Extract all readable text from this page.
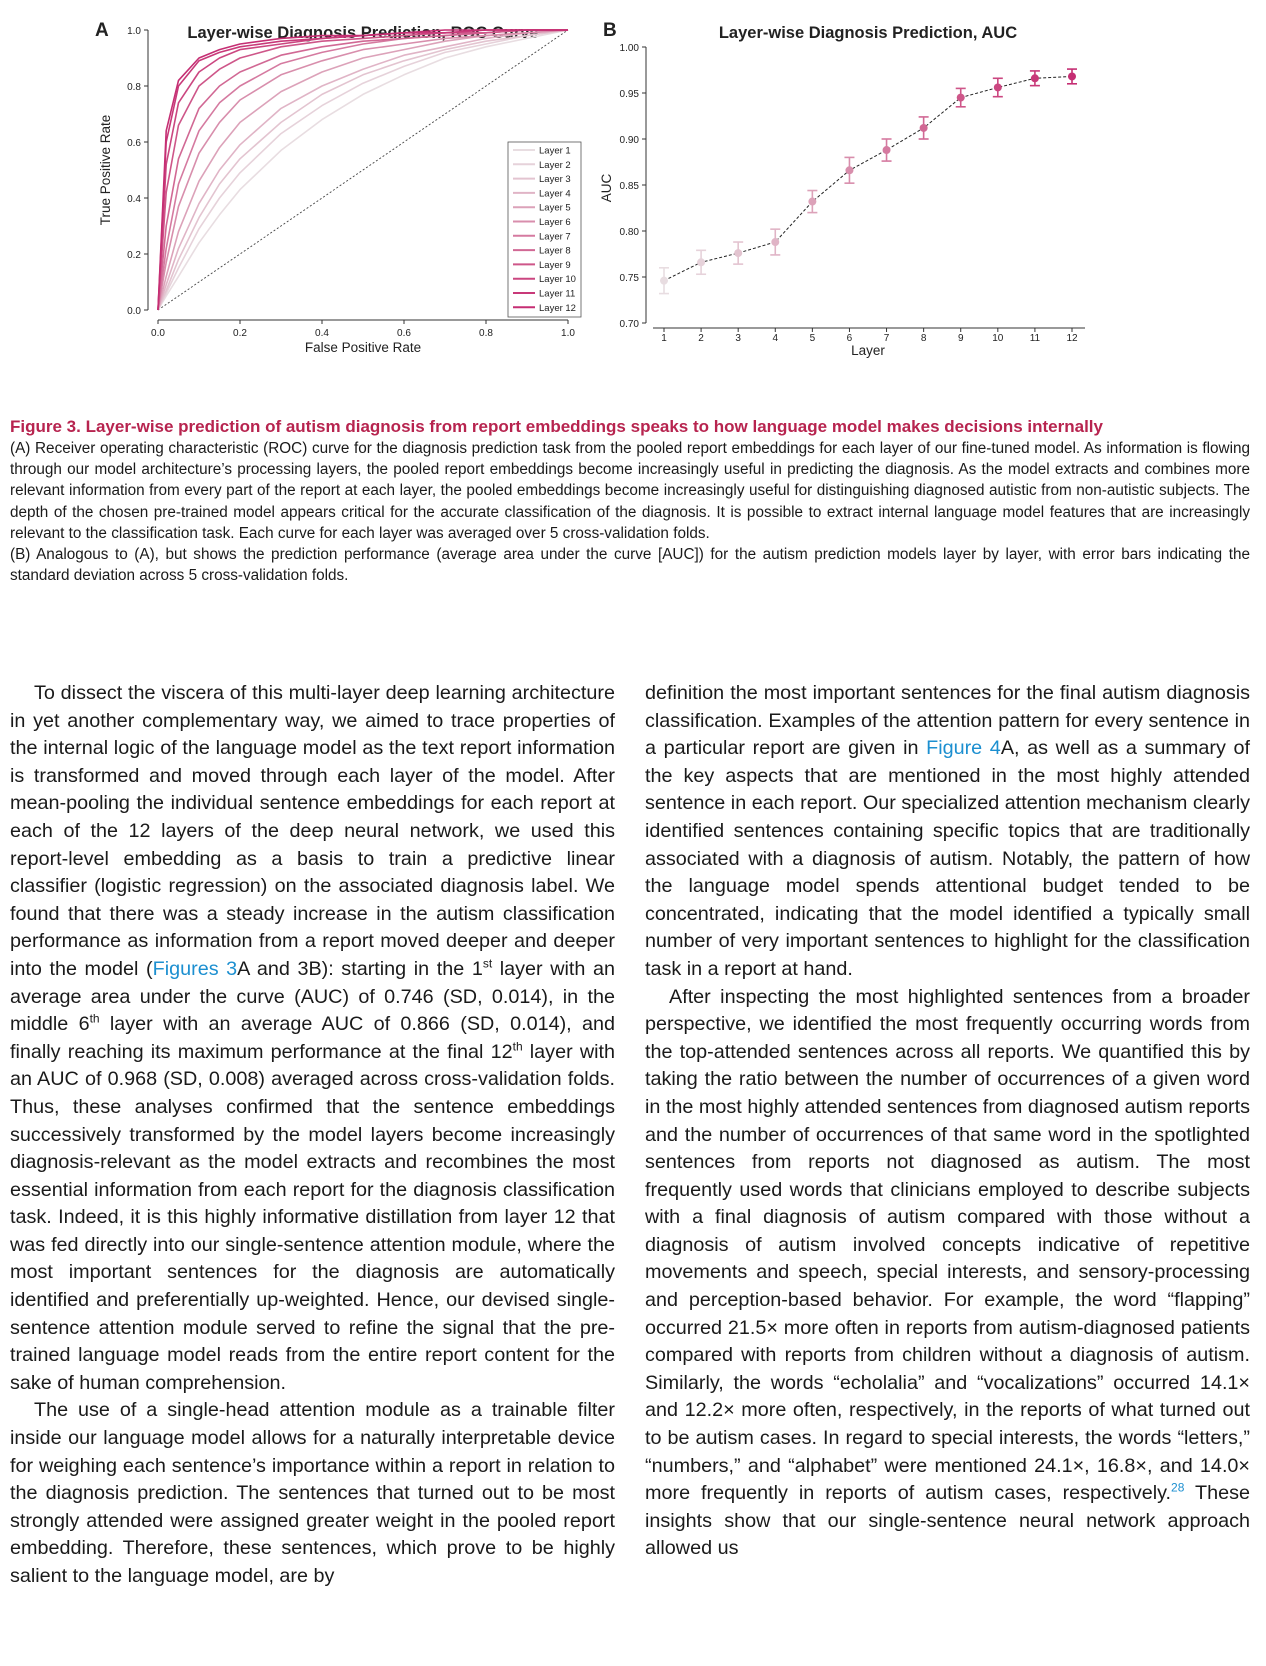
A	Layer-wise Diagnosis Prediction, ROC Curve
0.0
0.2
0.4
0.6
0.8
1.0
0.0	0.2	0.4	0.6	0.8	1.0
False Positive Rate
True Positive Rate	Layer 1
Layer 2
Layer 3
Layer 4
Layer 5
Layer 6
Layer 7
Layer 8
Layer 9
Layer 10
Layer 11
Layer 12
B	Layer-wise Diagnosis Prediction, AUC
0.70
0.75
0.80
0.85
0.90
0.95
1.00
1	2	3	4	5	6	7	8	9	10	11	12
Layer
AUC

Figure 3. Layer-wise prediction of autism diagnosis from report embeddings speaks to how language model makes decisions internally

(A) Receiver operating characteristic (ROC) curve for the diagnosis prediction task from the pooled report embeddings for each layer of our fine-tuned model. As information is flowing through our model architecture’s processing layers, the pooled report embeddings become increasingly useful in predicting the diagnosis. As the model extracts and combines more relevant information from every part of the report at each layer, the pooled embeddings become increasingly useful for distinguishing diagnosed autistic from non-autistic subjects. The depth of the chosen pre-trained model appears critical for the accurate classification of the diagnosis. It is possible to extract internal language model features that are increasingly relevant to the classification task. Each curve for each layer was averaged over 5 cross-validation folds.

(B) Analogous to (A), but shows the prediction performance (average area under the curve [AUC]) for the autism prediction models layer by layer, with error bars indicating the standard deviation across 5 cross-validation folds.

To dissect the viscera of this multi-layer deep learning architecture in yet another complementary way, we aimed to trace properties of the internal logic of the language model as the text report information is transformed and moved through each layer of the model. After mean-pooling the individual sentence embeddings for each report at each of the 12 layers of the deep neural network, we used this report-level embedding as a basis to train a predictive linear classifier (logistic regression) on the associated diagnosis label. We found that there was a steady increase in the autism classification performance as information from a report moved deeper and deeper into the model (Figures 3A and 3B): starting in the 1st layer with an average area under the curve (AUC) of 0.746 (SD, 0.014), in the middle 6th layer with an average AUC of 0.866 (SD, 0.014), and finally reaching its maximum performance at the final 12th layer with an AUC of 0.968 (SD, 0.008) averaged across cross-validation folds. Thus, these analyses confirmed that the sentence embeddings successively transformed by the model layers become increasingly diagnosis-relevant as the model extracts and recombines the most essential information from each report for the diagnosis classification task. Indeed, it is this highly informative distillation from layer 12 that was fed directly into our single-sentence attention module, where the most important sentences for the diagnosis are automatically identified and preferentially up-weighted. Hence, our devised single-sentence attention module served to refine the signal that the pre-trained language model reads from the entire report content for the sake of human comprehension.

The use of a single-head attention module as a trainable filter inside our language model allows for a naturally interpretable device for weighing each sentence’s importance within a report in relation to the diagnosis prediction. The sentences that turned out to be most strongly attended were assigned greater weight in the pooled report embedding. Therefore, these sentences, which prove to be highly salient to the language model, are by

definition the most important sentences for the final autism diagnosis classification. Examples of the attention pattern for every sentence in a particular report are given in Figure 4A, as well as a summary of the key aspects that are mentioned in the most highly attended sentence in each report. Our specialized attention mechanism clearly identified sentences containing specific topics that are traditionally associated with a diagnosis of autism. Notably, the pattern of how the language model spends attentional budget tended to be concentrated, indicating that the model identified a typically small number of very important sentences to highlight for the classification task in a report at hand.

After inspecting the most highlighted sentences from a broader perspective, we identified the most frequently occurring words from the top-attended sentences across all reports. We quantified this by taking the ratio between the number of occurrences of a given word in the most highly attended sentences from diagnosed autism reports and the number of occurrences of that same word in the spotlighted sentences from reports not diagnosed as autism. The most frequently used words that clinicians employed to describe subjects with a final diagnosis of autism compared with those without a diagnosis of autism involved concepts indicative of repetitive movements and speech, special interests, and sensory-processing and perception-based behavior. For example, the word “flapping” occurred 21.5× more often in reports from autism-diagnosed patients compared with reports from children without a diagnosis of autism. Similarly, the words “echolalia” and “vocalizations” occurred 14.1× and 12.2× more often, respectively, in the reports of what turned out to be autism cases. In regard to special interests, the words “letters,” “numbers,” and “alphabet” were mentioned 24.1×, 16.8×, and 14.0× more frequently in reports of autism cases, respectively.$^{28}$ These insights show that our single-sentence neural network approach allowed us
